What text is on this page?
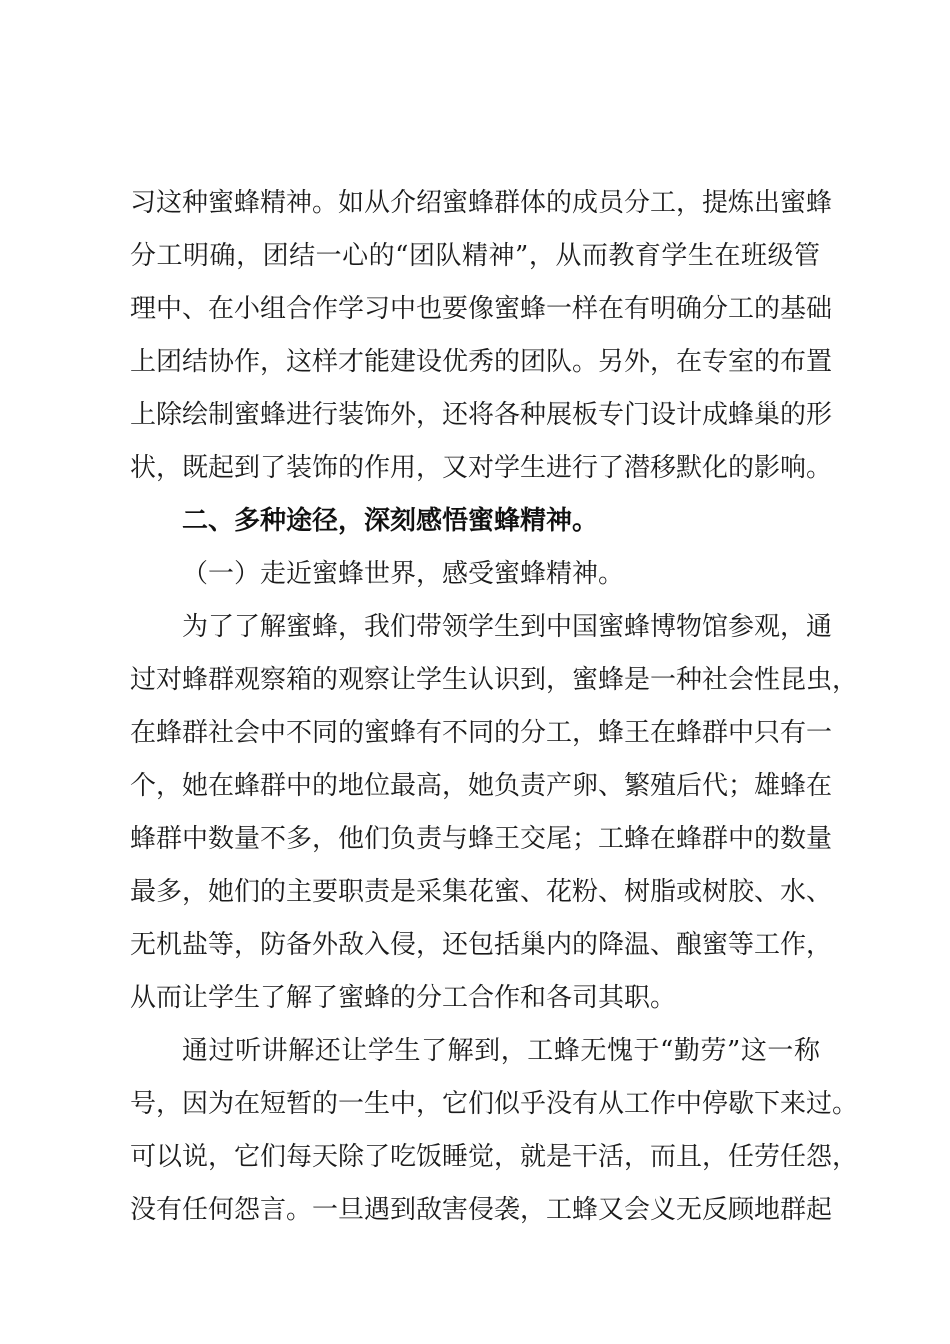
习这种蜜蜂精神。如从介绍蜜蜂群体的成员分工，提炼出蜜蜂
分工明确，团结一心的“团队精神”，从而教育学生在班级管
理中、在小组合作学习中也要像蜜蜂一样在有明确分工的基础
上团结协作，这样才能建设优秀的团队。另外，在专室的布置
上除绘制蜜蜂进行装饰外，还将各种展板专门设计成蜂巢的形
状，既起到了装饰的作用，又对学生进行了潜移默化的影响。
二、多种途径，深刻感悟蜜蜂精神。
（一）走近蜜蜂世界，感受蜜蜂精神。
为了了解蜜蜂，我们带领学生到中国蜜蜂博物馆参观，通
过对蜂群观察箱的观察让学生认识到，蜜蜂是一种社会性昆虫，
在蜂群社会中不同的蜜蜂有不同的分工，蜂王在蜂群中只有一
个，她在蜂群中的地位最高，她负责产卵、繁殖后代；雄蜂在
蜂群中数量不多，他们负责与蜂王交尾；工蜂在蜂群中的数量
最多，她们的主要职责是采集花蜜、花粉、树脂或树胶、水、
无机盐等，防备外敌入侵，还包括巢内的降温、酿蜜等工作，
从而让学生了解了蜜蜂的分工合作和各司其职。
通过听讲解还让学生了解到，工蜂无愧于“勤劳”这一称
号，因为在短暂的一生中，它们似乎没有从工作中停歇下来过。
可以说，它们每天除了吃饭睡觉，就是干活，而且，任劳任怨，
没有任何怨言。一旦遇到敌害侵袭，工蜂又会义无反顾地群起
